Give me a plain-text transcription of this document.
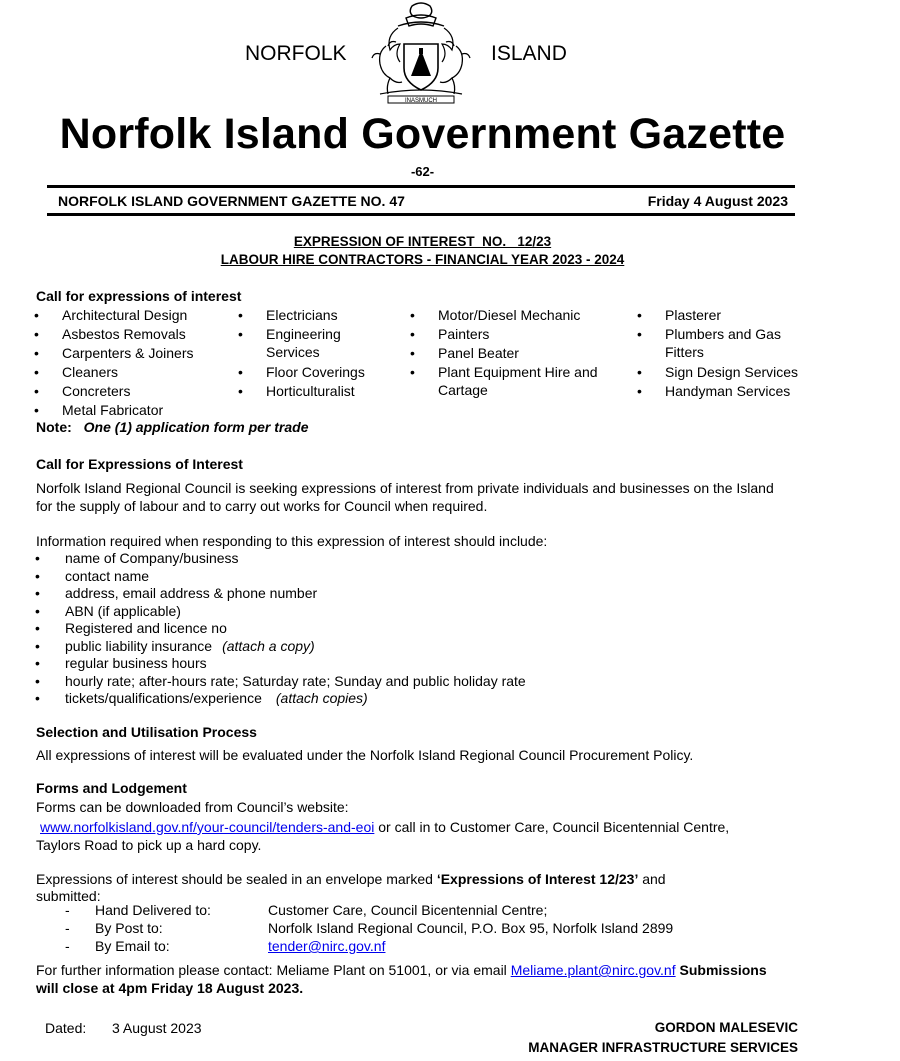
NORFOLK	ISLAND
INASMUCH
Norfolk Island Government Gazette
-62-
NORFOLK ISLAND GOVERNMENT GAZETTE NO. 47	Friday 4 August 2023
EXPRESSION OF INTEREST  NO.   12/23
LABOUR HIRE CONTRACTORS - FINANCIAL YEAR 2023 - 2024
Call for expressions of interest
• Architectural Design
• Asbestos Removals
• Carpenters & Joiners
• Cleaners
• Concreters
• Metal Fabricator
• Electricians
• Engineering
Services
• Floor Coverings
• Horticulturalist
• Motor/Diesel Mechanic
• Painters
• Panel Beater
• Plant Equipment Hire and
Cartage
• Plasterer
• Plumbers and Gas
Fitters
• Sign Design Services
• Handyman Services
Note: One (1) application form per trade
Call for Expressions of Interest
Norfolk Island Regional Council is seeking expressions of interest from private individuals and businesses on the Island
for the supply of labour and to carry out works for Council when required.
Information required when responding to this expression of interest should include:
• name of Company/business
• contact name
• address, email address & phone number
• ABN (if applicable)
• Registered and licence no
• public liability insurance (attach a copy)
• regular business hours
• hourly rate; after-hours rate; Saturday rate; Sunday and public holiday rate
• tickets/qualifications/experience (attach copies)
Selection and Utilisation Process
All expressions of interest will be evaluated under the Norfolk Island Regional Council Procurement Policy.
Forms and Lodgement
Forms can be downloaded from Council’s website:
www.norfolkisland.gov.nf/your-council/tenders-and-eoi or call in to Customer Care, Council Bicentennial Centre,
Taylors Road to pick up a hard copy.
Expressions of interest should be sealed in an envelope marked ‘Expressions of Interest 12/23’ and
submitted:
- Hand Delivered to:	Customer Care, Council Bicentennial Centre;
- By Post to:	Norfolk Island Regional Council, P.O. Box 95, Norfolk Island 2899
- By Email to:	tender@nirc.gov.nf
For further information please contact: Meliame Plant on 51001, or via email Meliame.plant@nirc.gov.nf Submissions
will close at 4pm Friday 18 August 2023.
Dated: 3 August 2023	GORDON MALESEVIC
MANAGER INFRASTRUCTURE SERVICES
